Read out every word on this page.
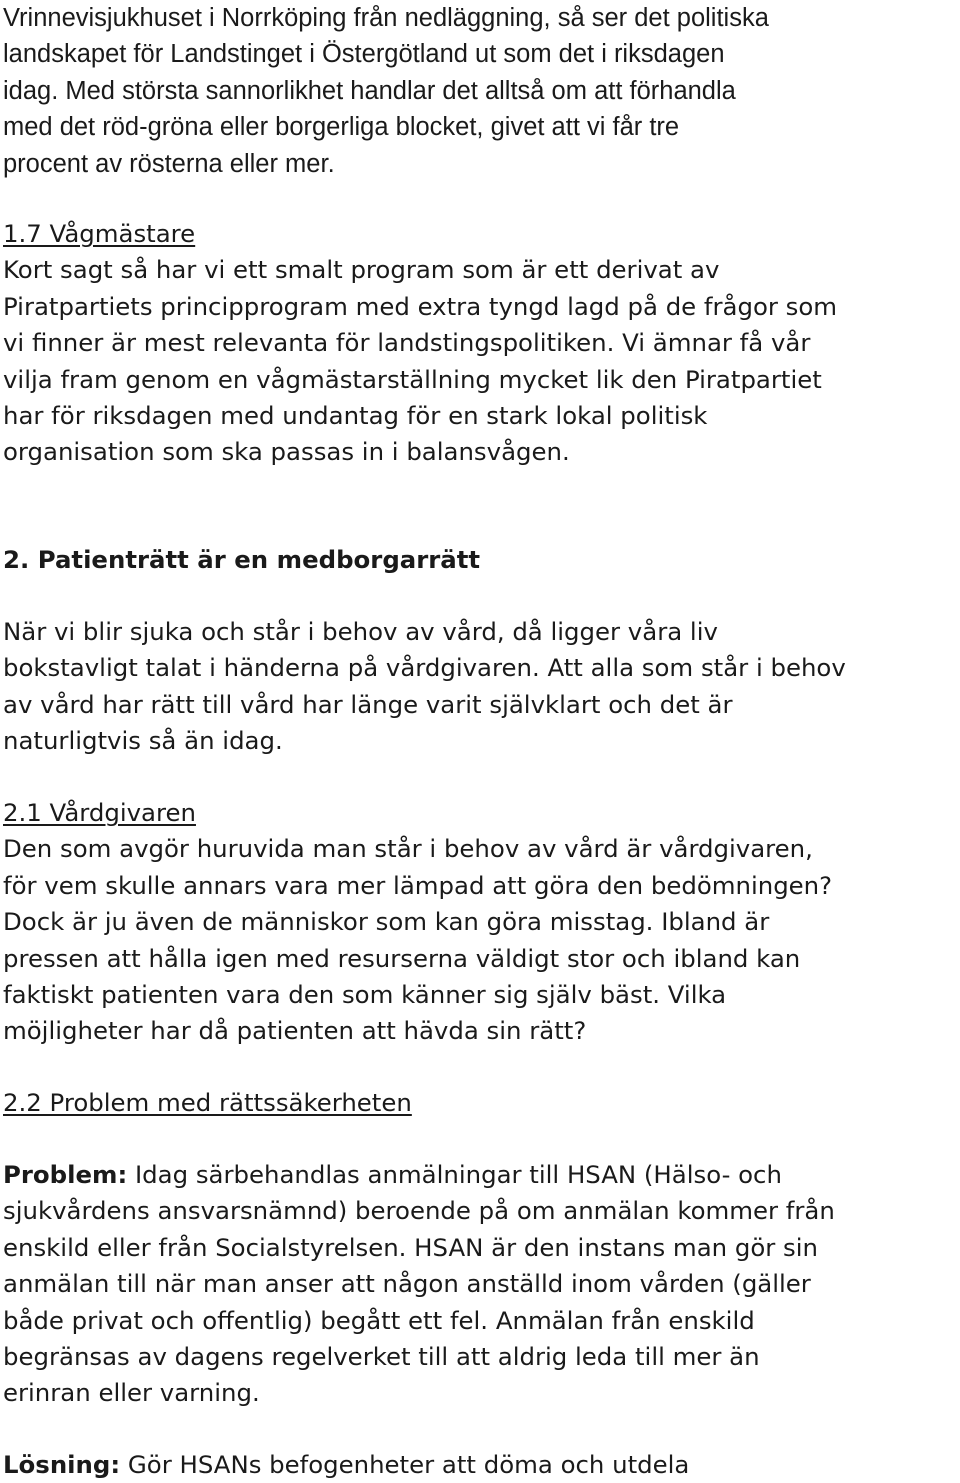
Vrinnevisjukhuset i Norrköping från nedläggning, så ser det politiska
landskapet för Landstinget i Östergötland ut som det i riksdagen
idag. Med största sannorlikhet handlar det alltså om att förhandla
med det röd-gröna eller borgerliga blocket, givet att vi får tre
procent av rösterna eller mer.
1.7 Vågmästare
Kort sagt så har vi ett smalt program som är ett derivat av
Piratpartiets principprogram med extra tyngd lagd på de frågor som
vi finner är mest relevanta för landstingspolitiken. Vi ämnar få vår
vilja fram genom en vågmästarställning mycket lik den Piratpartiet
har för riksdagen med undantag för en stark lokal politisk
organisation som ska passas in i balansvågen.
2. Patienträtt är en medborgarrätt
När vi blir sjuka och står i behov av vård, då ligger våra liv
bokstavligt talat i händerna på vårdgivaren. Att alla som står i behov
av vård har rätt till vård har länge varit självklart och det är
naturligtvis så än idag.
2.1 Vårdgivaren
Den som avgör huruvida man står i behov av vård är vårdgivaren,
för vem skulle annars vara mer lämpad att göra den bedömningen?
Dock är ju även de människor som kan göra misstag. Ibland är
pressen att hålla igen med resurserna väldigt stor och ibland kan
faktiskt patienten vara den som känner sig själv bäst. Vilka
möjligheter har då patienten att hävda sin rätt?
2.2 Problem med rättssäkerheten
Problem: Idag särbehandlas anmälningar till HSAN (Hälso- och
sjukvårdens ansvarsnämnd) beroende på om anmälan kommer från
enskild eller från Socialstyrelsen. HSAN är den instans man gör sin
anmälan till när man anser att någon anställd inom vården (gäller
både privat och offentlig) begått ett fel. Anmälan från enskild
begränsas av dagens regelverket till att aldrig leda till mer än
erinran eller varning.
Lösning: Gör HSANs befogenheter att döma och utdela
